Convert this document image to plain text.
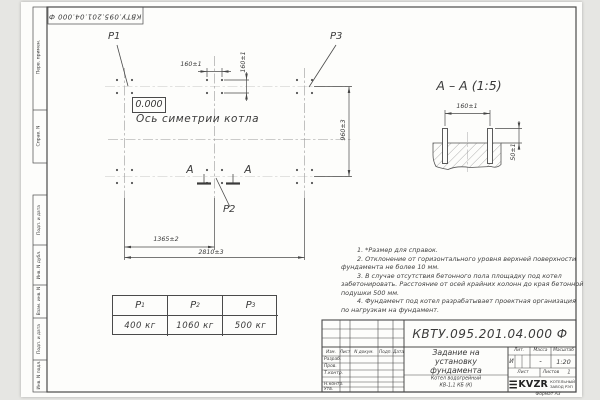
КВТУ.095.201.04.000 Ф
Перв. примен.
Справ. N
Подп. и дата
Инв. N дубл.
Взам. инв. N
Подп. и дата
Инв. N подл.
P1	P3
P2
0.000
Ось симетрии котла
160±1	160±1
960±3
1365±2
2810±3
А	А
А – А (1:5)
160±1
50±1
1. *Размер для справок.
2. Отклонение от горизонтального уровня верхней поверхности
фундамента не более 10 мм.
3. В случае отсутствия бетонного пола площадку под котел
забетонировать. Расстояние от осей крайних колонн до края бетонной
подушки 500 мм.
4. Фундамент под котел разрабатывает проектная организация
по нагрузкам на фундамент.
P 1	P 2	P 3
400 кг	1060 кг	500 кг
КВТУ.095.201.04.000 Ф
Задание на
установку
фундамента
Котел водогрейный
КВ-1,1 КБ (К)
Изм. Лист N докум. Подп. Дата
Разраб.
Пров.
Т.контр.
Н.контр.
Утв.
Лит. Масса Масштаб
И	- 1:20
Лист	Листов 1
KVZR КОТЕЛЬНЫЙ
ЗАВОД РЭП
Формат А3
